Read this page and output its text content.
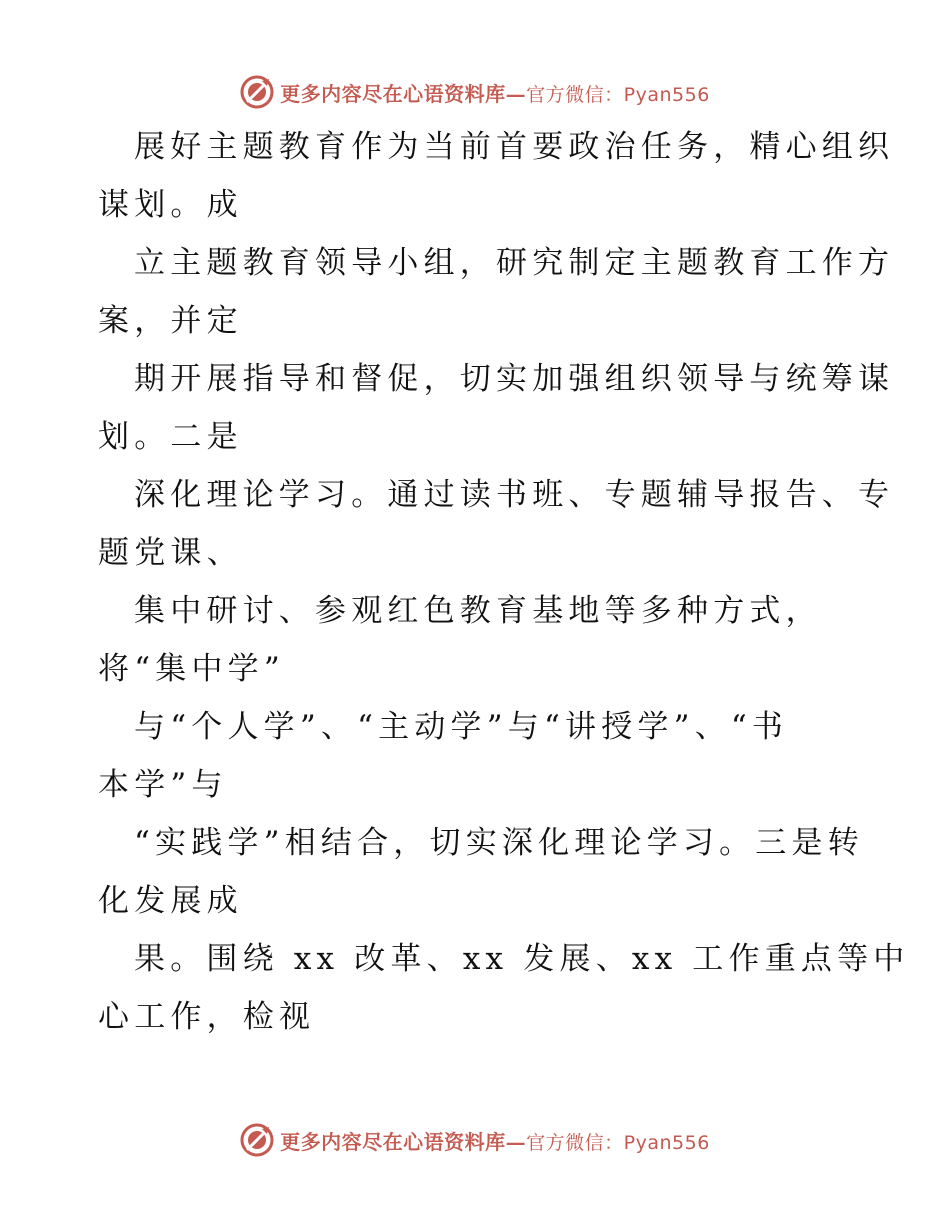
更多内容尽在心语资料库—官方微信：Pyan556
展好主题教育作为当前首要政治任务，精心组织
谋划。成
立主题教育领导小组，研究制定主题教育工作方
案，并定
期开展指导和督促，切实加强组织领导与统筹谋
划。二是
深化理论学习。通过读书班、专题辅导报告、专
题党课、
集中研讨、参观红色教育基地等多种方式，
将“集中学”
与“个人学”、“主动学”与“讲授学”、“书
本学”与
“实践学”相结合，切实深化理论学习。三是转
化发展成
果。围绕 xx 改革、xx 发展、xx 工作重点等中
心工作，检视
更多内容尽在心语资料库—官方微信：Pyan556
